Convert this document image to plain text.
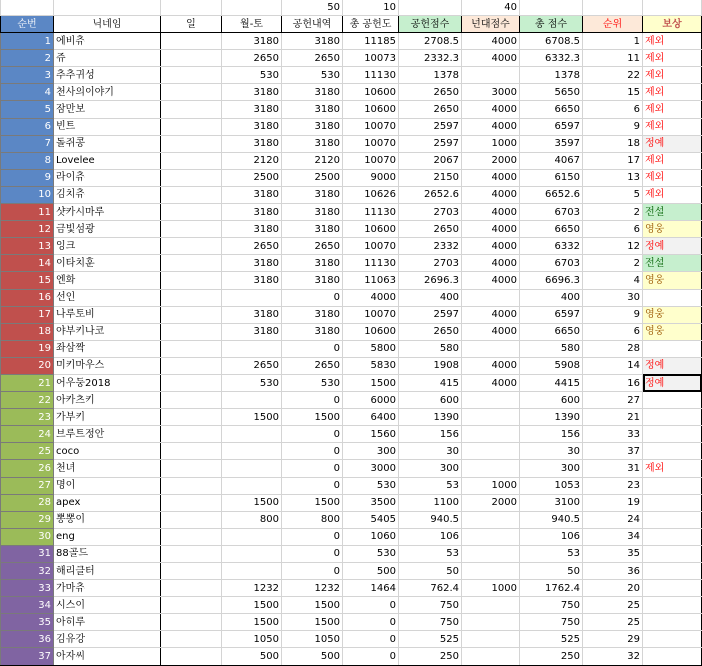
				50	10		40			
순번	닉네임	일	월-토	공헌내역	총 공헌도	공헌점수	넌대점수	총 점수	순위	보상
1	에비츄		3180	3180	11185	2708.5	4000	6708.5	1	제외
2	쥬		2650	2650	10073	2332.3	4000	6332.3	11	제외
3	추추귀성		530	530	11130	1378		1378	22	제외
4	천사의이야기		3180	3180	10600	2650	3000	5650	15	제외
5	잠만보		3180	3180	10600	2650	4000	6650	6	제외
6	빈트		3180	3180	10070	2597	4000	6597	9	제외
7	돌쥐콩		3180	3180	10070	2597	1000	3597	18	정예
8	Lovelee		2120	2120	10070	2067	2000	4067	17	제외
9	라이츄		2500	2500	9000	2150	4000	6150	13	제외
10	김치츄		3180	3180	10626	2652.6	4000	6652.6	5	제외
11	샷카시마루		3180	3180	11130	2703	4000	6703	2	전설
12	금빛섬광		3180	3180	10600	2650	4000	6650	6	영웅
13	잉크		2650	2650	10070	2332	4000	6332	12	정예
14	이타치훈		3180	3180	11130	2703	4000	6703	2	전설
15	엔화		3180	3180	11063	2696.3	4000	6696.3	4	영웅
16	선인			0	4000	400		400	30	
17	나루토비		3180	3180	10070	2597	4000	6597	9	영웅
18	야부키나코		3180	3180	10600	2650	4000	6650	6	영웅
19	좌삼짝			0	5800	580		580	28	
20	미키마우스		2650	2650	5830	1908	4000	5908	14	정예
21	어우둥2018		530	530	1500	415	4000	4415	16	정예
22	아카츠키			0	6000	600		600	27	
23	가부키		1500	1500	6400	1390		1390	21	
24	브루트정안			0	1560	156		156	33	
25	coco			0	300	30		30	37	
26	천녀			0	3000	300		300	31	제외
27	명이			0	530	53	1000	1053	23	
28	apex		1500	1500	3500	1100	2000	3100	19	
29	뽕뽕이		800	800	5405	940.5		940.5	24	
30	eng			0	1060	106		106	34	
31	88골드			0	530	53		53	35	
32	해리클터			0	500	50		50	36	
33	가마츄		1232	1232	1464	762.4	1000	1762.4	20	
34	시스이		1500	1500	0	750		750	25	
35	아히루		1500	1500	0	750		750	25	
36	김유강		1050	1050	0	525		525	29	
37	아자씨		500	500	0	250		250	32	
